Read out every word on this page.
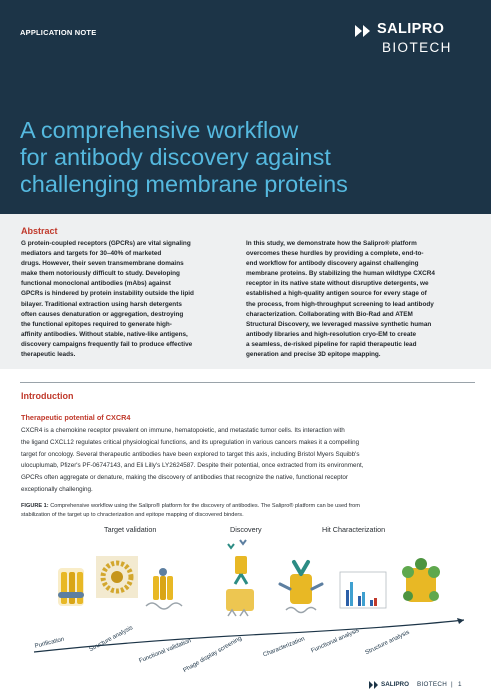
APPLICATION NOTE	SALIPRO
BIOTECH
A comprehensive workflow
for antibody discovery against
challenging membrane proteins
Abstract
G protein-coupled receptors (GPCRs) are vital signaling
mediators and targets for 30–40% of marketed
drugs. However, their seven transmembrane domains
make them notoriously difficult to study. Developing
functional monoclonal antibodies (mAbs) against
GPCRs is hindered by protein instability outside the lipid
bilayer. Traditional extraction using harsh detergents
often causes denaturation or aggregation, destroying
the functional epitopes required to generate high-
affinity antibodies. Without stable, native-like antigens,
discovery campaigns frequently fail to produce effective
therapeutic leads.
In this study, we demonstrate how the Salipro® platform
overcomes these hurdles by providing a complete, end-to-
end workflow for antibody discovery against challenging
membrane proteins. By stabilizing the human wildtype CXCR4
receptor in its native state without disruptive detergents, we
established a high-quality antigen source for every stage of
the process, from high-throughput screening to lead antibody
characterization. Collaborating with Bio-Rad and ATEM
Structural Discovery, we leveraged massive synthetic human
antibody libraries and high-resolution cryo-EM to create
a seamless, de-risked pipeline for rapid therapeutic lead
generation and precise 3D epitope mapping.
Introduction
Therapeutic potential of CXCR4
CXCR4 is a chemokine receptor prevalent on immune, hematopoietic, and metastatic tumor cells. Its interaction with
the ligand CXCL12 regulates critical physiological functions, and its upregulation in various cancers makes it a compelling
target for oncology. Several therapeutic antibodies have been explored to target this axis, including Bristol Myers Squibb's
ulocuplumab, Pfizer's PF-06747143, and Eli Lilly's LY2624587. Despite their potential, once extracted from its environment,
GPCRs often aggregate or denature, making the discovery of antibodies that recognize the native, functional receptor
exceptionally challenging.
FIGURE 1: Comprehensive workflow using the Salipro® platform for the discovery of antibodies. The Salipro® platform can be used from
stabilization of the target up to chracterization and epitope mapping of discovered binders.
Target validation	Discovery	Hit Characterization
Purification	Structure analysis Functional validation
Phage display screening	Characterization Functional analysis Structure analysis
SALIPRO BIOTECH | 1
